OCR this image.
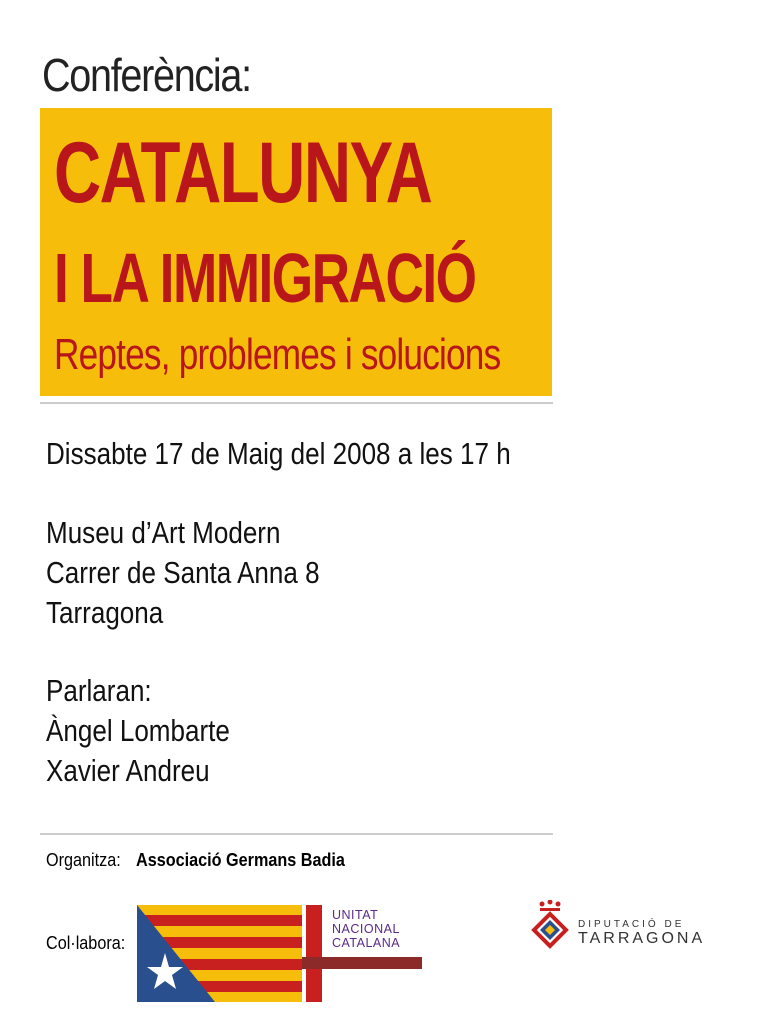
Conferència:
CATALUNYA
I LA IMMIGRACIÓ
Reptes, problemes i solucions
Dissabte 17 de Maig del 2008 a les 17 h
Museu d’Art Modern
Carrer de Santa Anna 8
Tarragona
Parlaran:
Àngel Lombarte
Xavier Andreu
Organitza: Associació Germans Badia
Col·labora:
UNITAT
NACIONAL
CATALANA
DIPUTACIÓ DE
TARRAGONA
